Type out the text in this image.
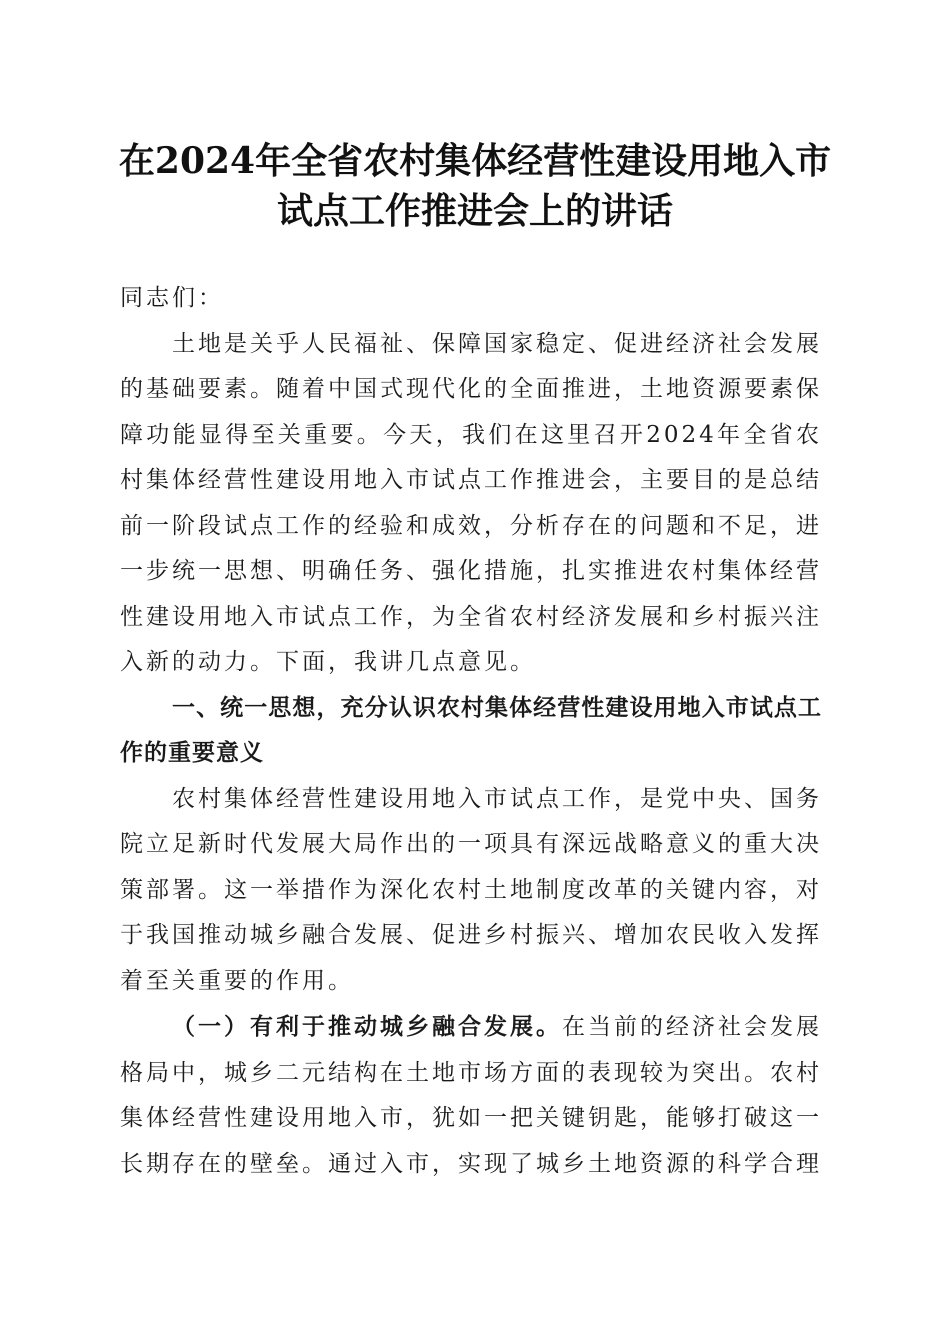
在2024年全省农村集体经营性建设用地入市
试点工作推进会上的讲话

同志们：

土地是关乎人民福祉、保障国家稳定、促进经济社会发展的基础要素。随着中国式现代化的全面推进，土地资源要素保障功能显得至关重要。今天，我们在这里召开2024年全省农村集体经营性建设用地入市试点工作推进会，主要目的是总结前一阶段试点工作的经验和成效，分析存在的问题和不足，进一步统一思想、明确任务、强化措施，扎实推进农村集体经营性建设用地入市试点工作，为全省农村经济发展和乡村振兴注入新的动力。下面，我讲几点意见。

一、统一思想，充分认识农村集体经营性建设用地入市试点工作的重要意义

农村集体经营性建设用地入市试点工作，是党中央、国务院立足新时代发展大局作出的一项具有深远战略意义的重大决策部署。这一举措作为深化农村土地制度改革的关键内容，对于我国推动城乡融合发展、促进乡村振兴、增加农民收入发挥着至关重要的作用。

（一）有利于推动城乡融合发展。在当前的经济社会发展格局中，城乡二元结构在土地市场方面的表现较为突出。农村集体经营性建设用地入市，犹如一把关键钥匙，能够打破这一长期存在的壁垒。通过入市，实现了城乡土地资源的科学合理
